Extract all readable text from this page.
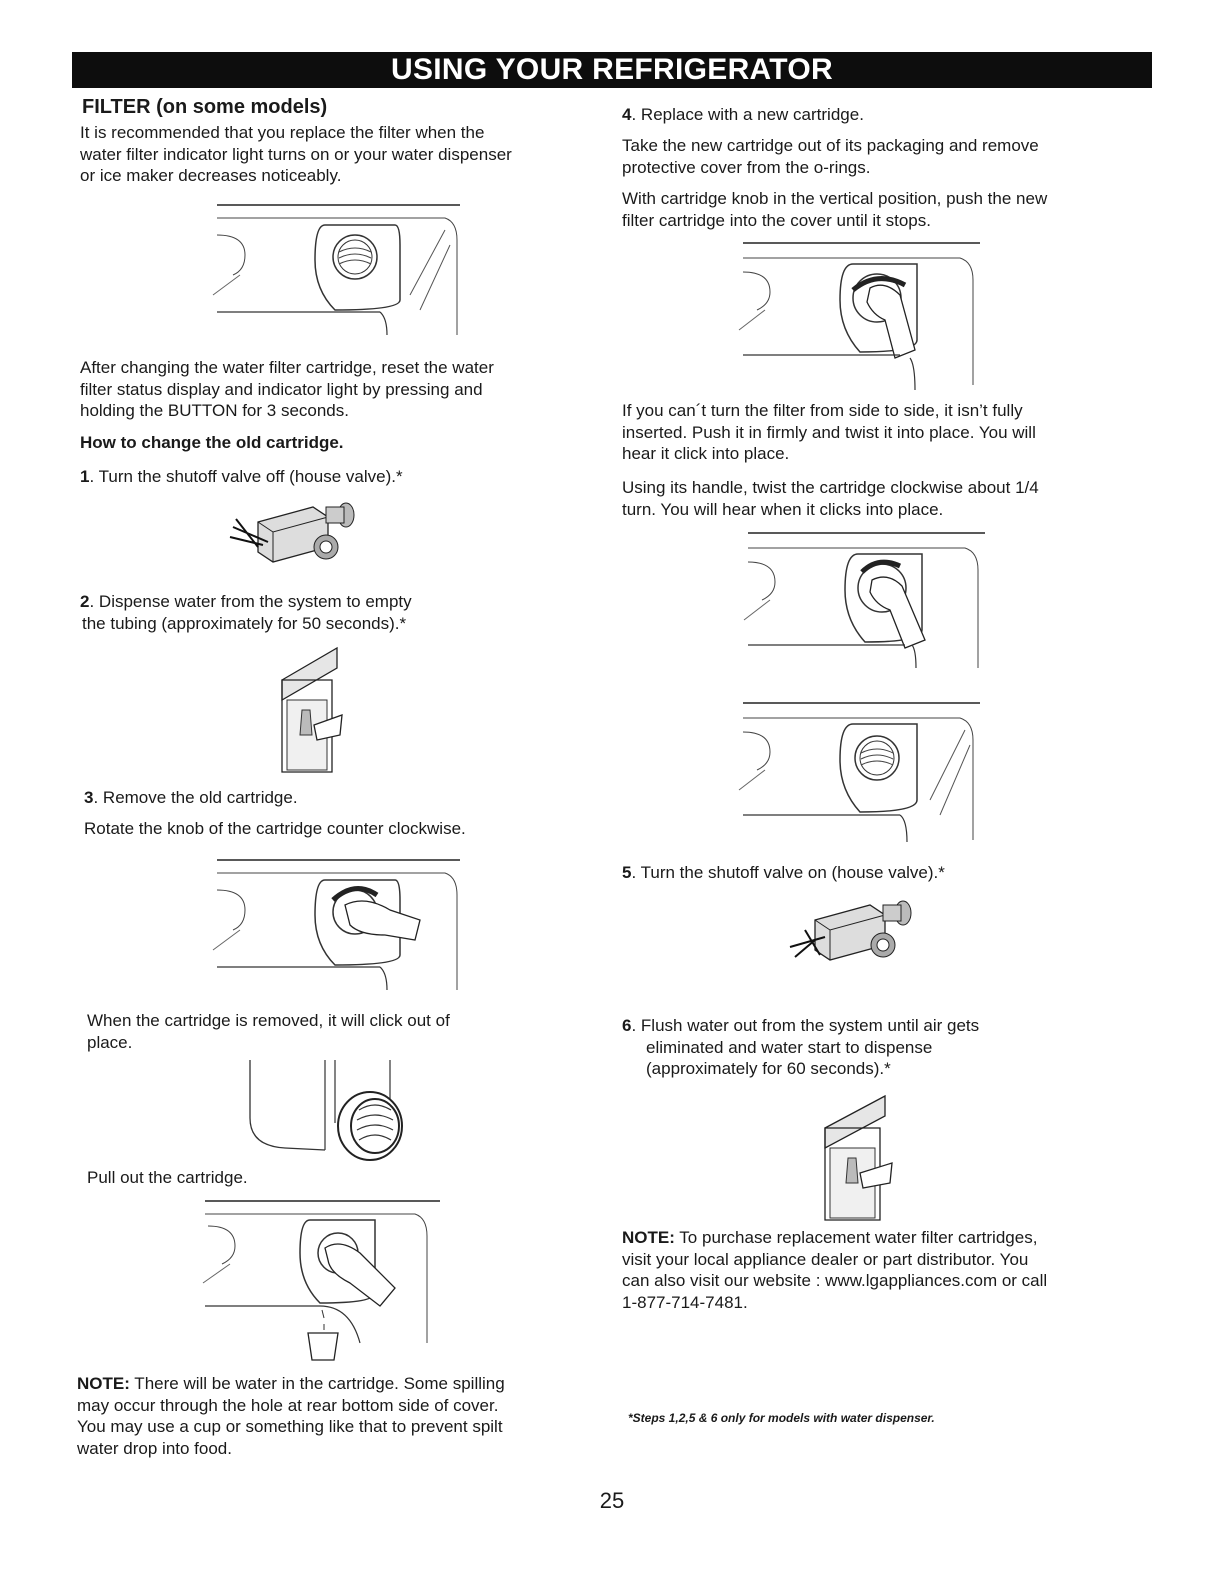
USING YOUR REFRIGERATOR
FILTER (on some models)

It is recommended that you replace the filter when the

water filter indicator light turns on or your water dispenser

or ice maker decreases noticeably.

After changing the water filter cartridge, reset the water

filter status display and indicator light by pressing and

holding the BUTTON for 3 seconds.

How to change the old cartridge.
1. Turn the shutoff valve off (house valve).*

2. Dispense water from the system to empty

the tubing (approximately for 50 seconds).*

3. Remove the old cartridge.
Rotate the knob of the cartridge counter clockwise.

When the cartridge is removed, it will click out of

place.

Pull out the cartridge.

NOTE: There will be water in the cartridge. Some spilling

may occur through the hole at rear bottom side of cover.

You may use a cup or something like that to prevent spilt

water drop into food.

4. Replace with a new cartridge.

Take the new cartridge out of its packaging and remove

protective cover from the o-rings.

With cartridge knob in the vertical position, push the new

filter cartridge into the cover until it stops.

If you can´t turn the filter from side to side, it isn’t fully

inserted. Push it in firmly and twist it into place. You will

hear it click into place.

Using its handle, twist the cartridge clockwise about 1/4

turn. You will hear when it clicks into place.

5. Turn the shutoff valve on (house valve).*

6. Flush water out from the system until air gets

eliminated and water start to dispense

(approximately for 60 seconds).*

NOTE: To purchase replacement water filter cartridges,

visit your local appliance dealer or part distributor. You

can also visit our website : www.lgappliances.com or call

1-877-714-7481.

*Steps 1,2,5 & 6 only for models with water dispenser.
25
